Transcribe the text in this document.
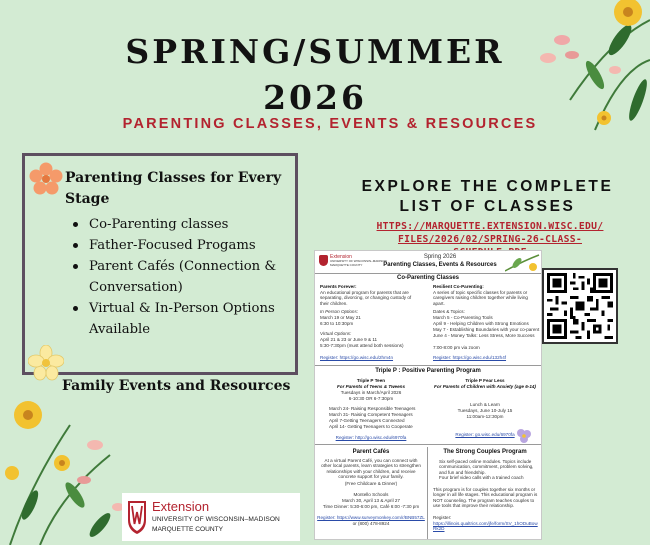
SPRING/SUMMER
2026
PARENTING CLASSES, EVENTS & RESOURCES
Parenting Classes for Every Stage
Co-Parenting classes
Father-Focused Progams
Parent Cafés (Connection & Conversation)
Virtual & In-Person Options Available
Family Events and Resources
EXPLORE THE COMPLETE
LIST OF CLASSES
HTTPS://MARQUETTE.EXTENSION.WISC.EDU/
FILES/2026/02/SPRING-26-CLASS-
Extension
UNIVERSITY OF WISCONSIN–MADISON
MARQUETTE COUNTY
Spring 2026
Parenting Classes, Events & Resources
Co-Parenting Classes
Parents Forever:
An educational program for parents that are separating, divorcing, or changing custody of their children.
In Person Options:
March 19 or May 21
6:30 to 10:30pm
Virtual Options:
April 21 & 23 or June 9 & 11
5:30-7:30pm (must attend both sessions)
Register: https://go.wisc.edu/2hm4n
Resilient Co-Parenting:
A series of topic specific classes for parents or caregivers raising children together while living apart.
Dates & Topics:
March 5 - Co-Parenting Tools
April 9 - Helping Children with Strong Emotions
May 7 - Establishing Boundaries with your co-parent
June 4 - Money Talks: Less Stress, More Success
7:00-8:00 pm via zoom
Register: https://go.wisc.edu/132h4f
Triple P : Positive Parenting Program
Triple P Teen
For Parents of Teens & Tweens
Tuesdays in March/April 2026
6-10:30 OR 6-7:30pm
March 24- Raising Responsible Teenagers
March 31- Raising Competent Teenagers
April 7-Getting Teenagers Connected
April 14- Getting Teenagers to Cooperate
Register: http://go.wisc.edu/6970fa
Triple P Fear Less
For Parents of Children with Anxiety (age 6-14)
Lunch & Learn
Tuesdays, June 10-July 15
11:00am-12:30pm
Register: go.wisc.edu/6970fa
Parent Cafés
At a virtual Parent Café, you can connect with other local parents, learn strategies to strengthen relationships with your children, and receive concrete support for your family.
(Free Childcare & Dinner)
Montello Schools
March 30, April 13 & April 27
Time Dinner: 5:30-6:00 pm, Café 6:00 -7:30 pm
Register: https://www.surveymonkey.com/r/BNB57ZL
or (800) 478-8924
The Strong Couples Program
Six self-paced online modules. Topics include communication, commitment, problem solving, and fun and friendship.
Four brief video calls with a trained coach
This program is for couples together six months or longer in all life stages. This educational program is NOT counseling. The program teaches couples to use tools that improve their relationship.
Register:
https://illinois.qualtrics.com/jfe/form/SV_1hODuBowRk2D
Extension
UNIVERSITY OF WISCONSIN–MADISON
MARQUETTE COUNTY
